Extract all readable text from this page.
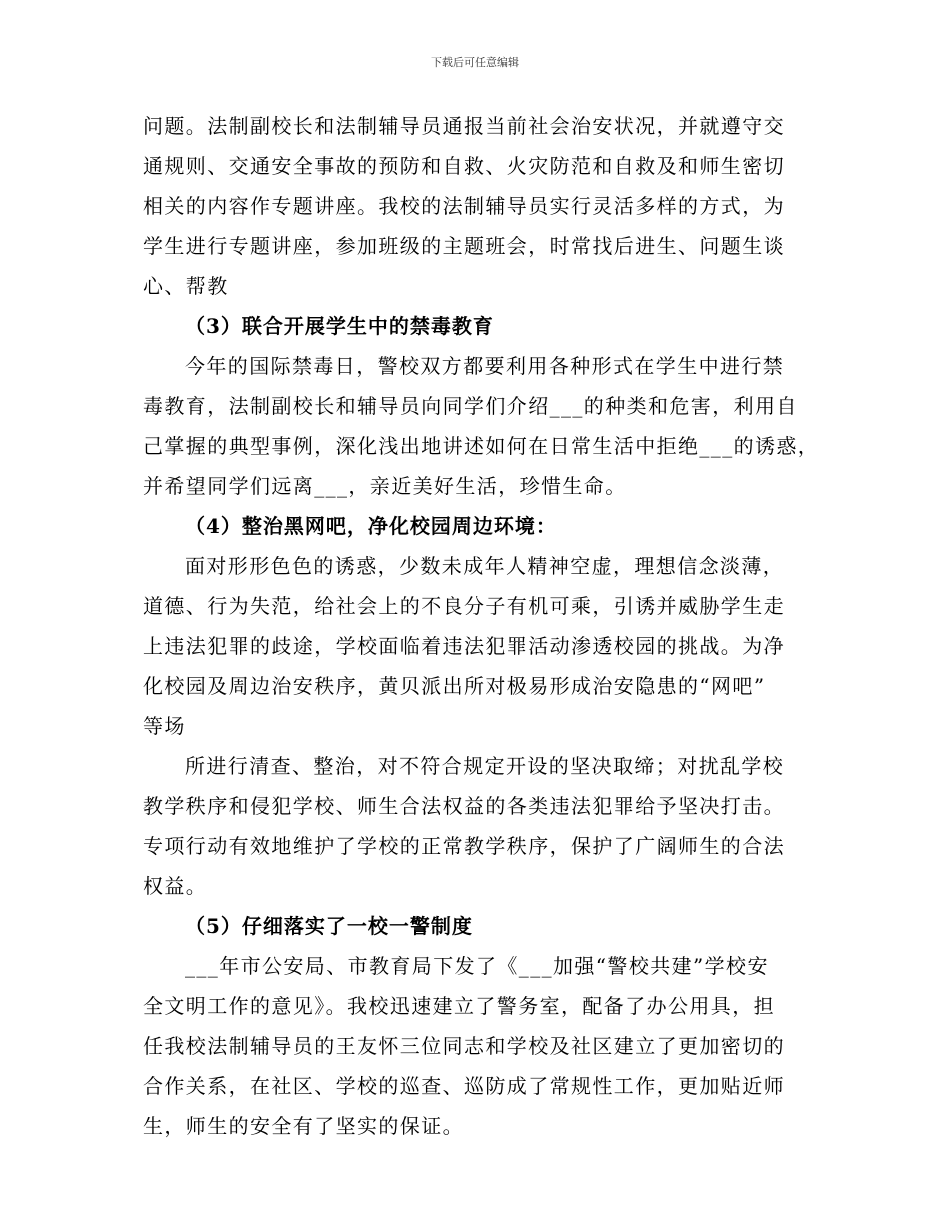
下载后可任意编辑
问题。法制副校长和法制辅导员通报当前社会治安状况，并就遵守交
通规则、交通安全事故的预防和自救、火灾防范和自救及和师生密切
相关的内容作专题讲座。我校的法制辅导员实行灵活多样的方式，为
学生进行专题讲座，参加班级的主题班会，时常找后进生、问题生谈
心、帮教
（3）联合开展学生中的禁毒教育
今年的国际禁毒日，警校双方都要利用各种形式在学生中进行禁
毒教育，法制副校长和辅导员向同学们介绍___的种类和危害，利用自
己掌握的典型事例，深化浅出地讲述如何在日常生活中拒绝___的诱惑，
并希望同学们远离___，亲近美好生活，珍惜生命。
（4）整治黑网吧，净化校园周边环境：
面对形形色色的诱惑，少数未成年人精神空虚，理想信念淡薄，
道德、行为失范，给社会上的不良分子有机可乘，引诱并威胁学生走
上违法犯罪的歧途，学校面临着违法犯罪活动渗透校园的挑战。为净
化校园及周边治安秩序，黄贝派出所对极易形成治安隐患的“网吧”
等场
所进行清查、整治，对不符合规定开设的坚决取缔；对扰乱学校
教学秩序和侵犯学校、师生合法权益的各类违法犯罪给予坚决打击。
专项行动有效地维护了学校的正常教学秩序，保护了广阔师生的合法
权益。
（5）仔细落实了一校一警制度
___年市公安局、市教育局下发了《___加强“警校共建”学校安
全文明工作的意见》。我校迅速建立了警务室，配备了办公用具，担
任我校法制辅导员的王友怀三位同志和学校及社区建立了更加密切的
合作关系，在社区、学校的巡查、巡防成了常规性工作，更加贴近师
生，师生的安全有了坚实的保证。
